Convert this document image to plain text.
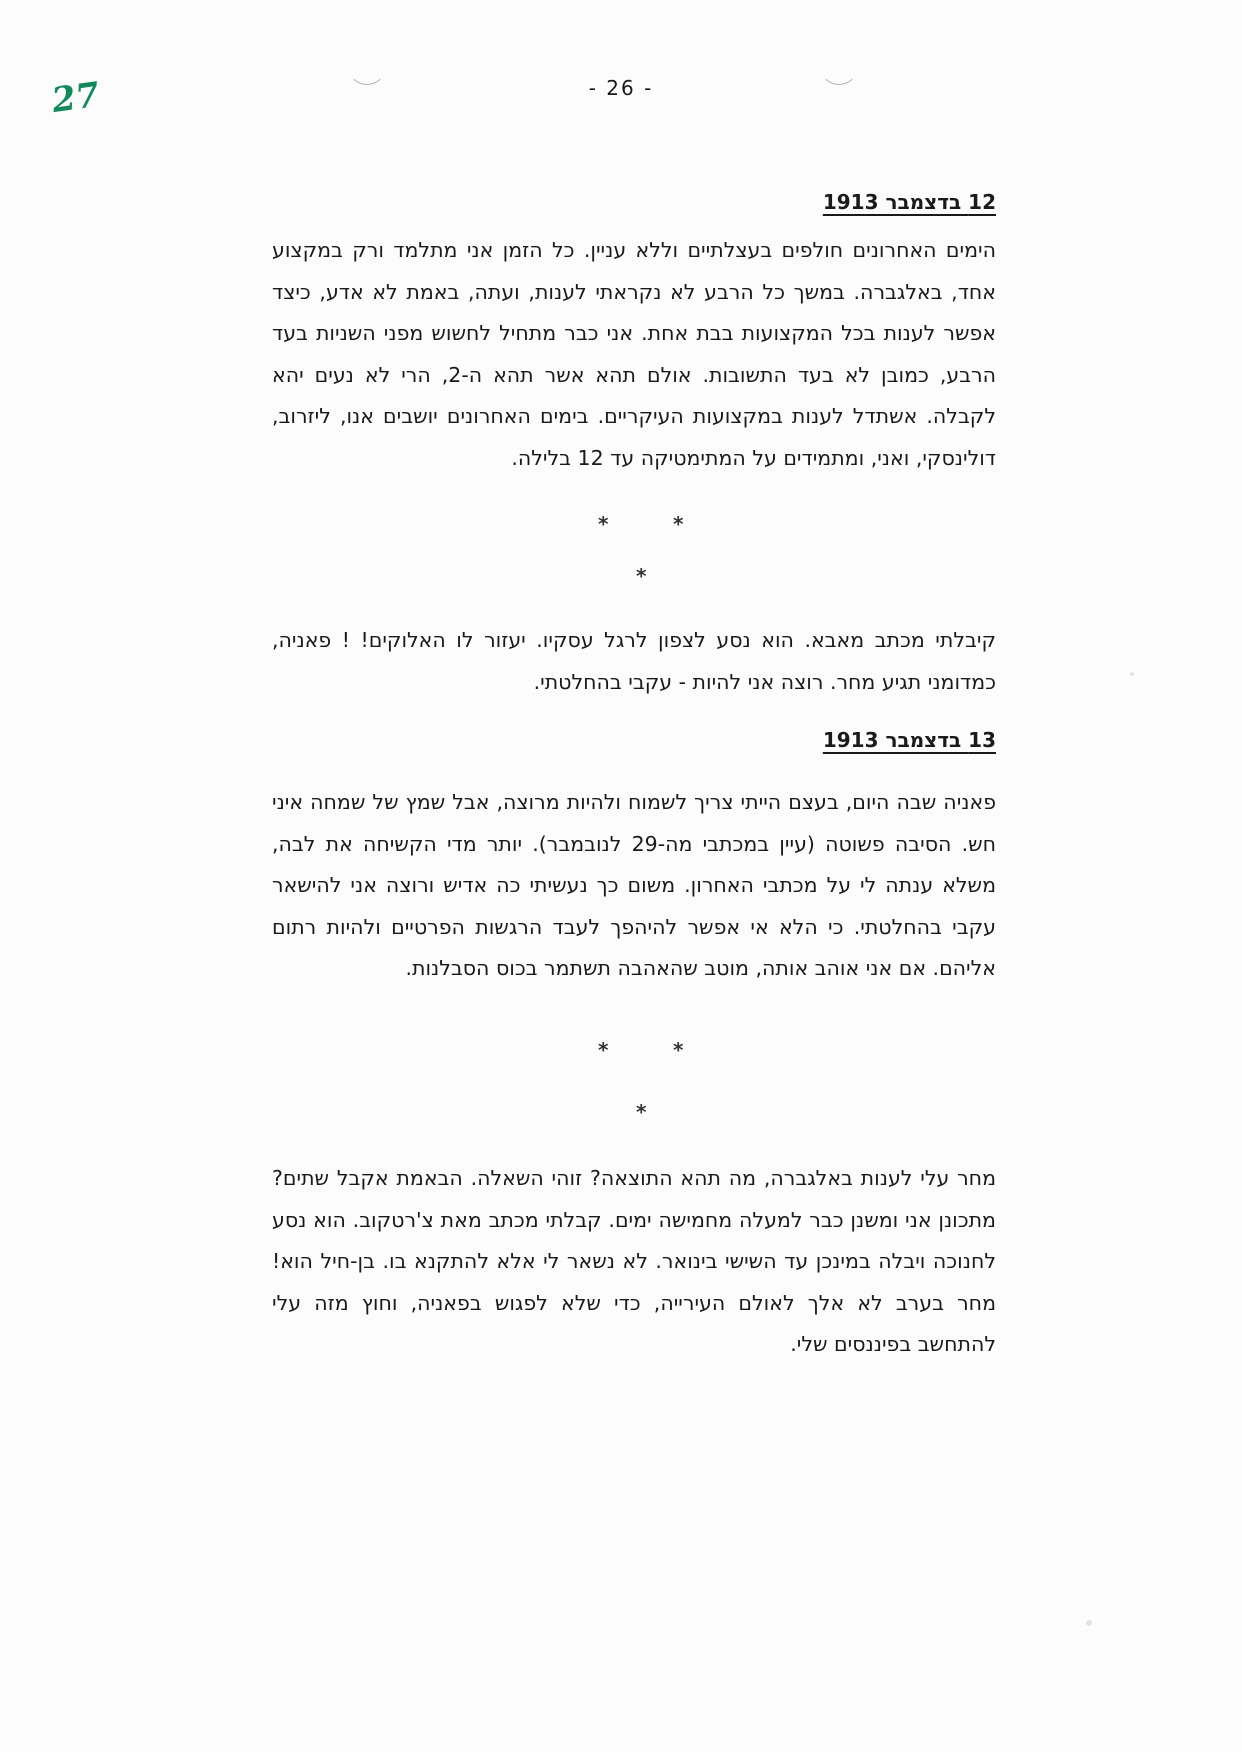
27	- 26 -
12 בדצמבר 1913
הימים האחרונים חולפים בעצלתיים וללא עניין. כל הזמן אני מתלמד ורק במקצוע אחד, באלגברה. במשך כל הרבע לא נקראתי לענות, ועתה, באמת לא אדע, כיצד אפשר לענות בכל המקצועות בבת אחת. אני כבר מתחיל לחשוש מפני השניות בעד הרבע, כמובן לא בעד התשובות. אולם תהא אשר תהא ה-2, הרי לא נעים יהא לקבלה. אשתדל לענות במקצועות העיקריים. בימים האחרונים יושבים אנו, ליזרוב, דולינסקי, ואני, ומתמידים על המתימטיקה עד 12 בלילה.
*	*
*
קיבלתי מכתב מאבא. הוא נסע לצפון לרגל עסקיו. יעזור לו האלוקים! ! פאניה, כמדומני תגיע מחר. רוצה אני להיות - עקבי בהחלטתי.
13 בדצמבר 1913
פאניה שבה היום, בעצם הייתי צריך לשמוח ולהיות מרוצה, אבל שמץ של שמחה איני חש. הסיבה פשוטה (עיין במכתבי מה-29 לנובמבר). יותר מדי הקשיחה את לבה, משלא ענתה לי על מכתבי האחרון. משום כך נעשיתי כה אדיש ורוצה אני להישאר עקבי בהחלטתי. כי הלא אי אפשר להיהפך לעבד הרגשות הפרטיים ולהיות רתום אליהם. אם אני אוהב אותה, מוטב שהאהבה תשתמר בכוס הסבלנות.
*	*
*
מחר עלי לענות באלגברה, מה תהא התוצאה? זוהי השאלה. הבאמת אקבל שתים? מתכונן אני ומשנן כבר למעלה מחמישה ימים. קבלתי מכתב מאת צ'רטקוב. הוא נסע לחנוכה ויבלה במינכן עד השישי בינואר. לא נשאר לי אלא להתקנא בו. בן-חיל הוא! מחר בערב לא אלך לאולם העירייה, כדי שלא לפגוש בפאניה, וחוץ מזה עלי להתחשב בפיננסים שלי.
